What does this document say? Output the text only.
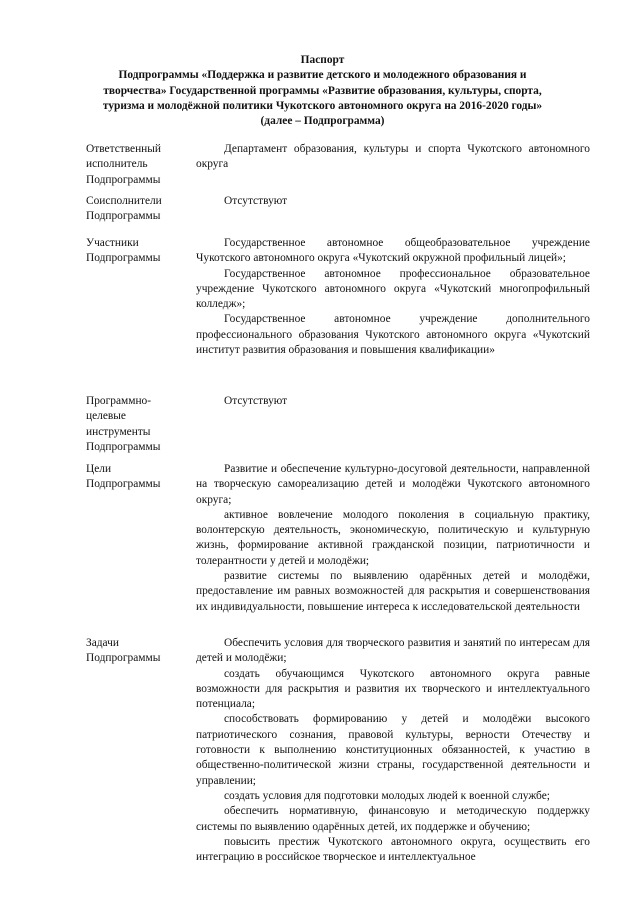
Паспорт
Подпрограммы «Поддержка и развитие детского и молодежного образования и
творчества» Государственной программы «Развитие образования, культуры, спорта,
туризма и молодёжной политики Чукотского автономного округа на 2016-2020 годы»
(далее – Подпрограмма)
Ответственный
исполнитель
Подпрограммы
Департамент образования, культуры и спорта Чукотского автономного округа
Соисполнители
Подпрограммы
Отсутствуют
Участники
Подпрограммы
Государственное автономное общеобразовательное учреждение Чукотского автономного округа «Чукотский окружной профильный лицей»;
Государственное автономное профессиональное образовательное учреждение Чукотского автономного округа «Чукотский многопрофильный колледж»;
Государственное автономное учреждение дополнительного профессионального образования Чукотского автономного округа «Чукотский институт развития образования и повышения квалификации»
Программно-
целевые
инструменты
Подпрограммы
Отсутствуют
Цели
Подпрограммы
Развитие и обеспечение культурно-досуговой деятельности, направленной на творческую самореализацию детей и молодёжи Чукотского автономного округа;
активное вовлечение молодого поколения в социальную практику, волонтерскую деятельность, экономическую, политическую и культурную жизнь, формирование активной гражданской позиции, патриотичности и толерантности у детей и молодёжи;
развитие системы по выявлению одарённых детей и молодёжи, предоставление им равных возможностей для раскрытия и совершенствования их индивидуальности, повышение интереса к исследовательской деятельности
Задачи
Подпрограммы
Обеспечить условия для творческого развития и занятий по интересам для детей и молодёжи;
создать обучающимся Чукотского автономного округа равные возможности для раскрытия и развития их творческого и интеллектуального потенциала;
способствовать формированию у детей и молодёжи высокого патриотического сознания, правовой культуры, верности Отечеству и готовности к выполнению конституционных обязанностей, к участию в общественно-политической жизни страны, государственной деятельности и управлении;
создать условия для подготовки молодых людей к военной службе;
обеспечить нормативную, финансовую и методическую поддержку системы по выявлению одарённых детей, их поддержке и обучению;
повысить престиж Чукотского автономного округа, осуществить его интеграцию в российское творческое и интеллектуальное
